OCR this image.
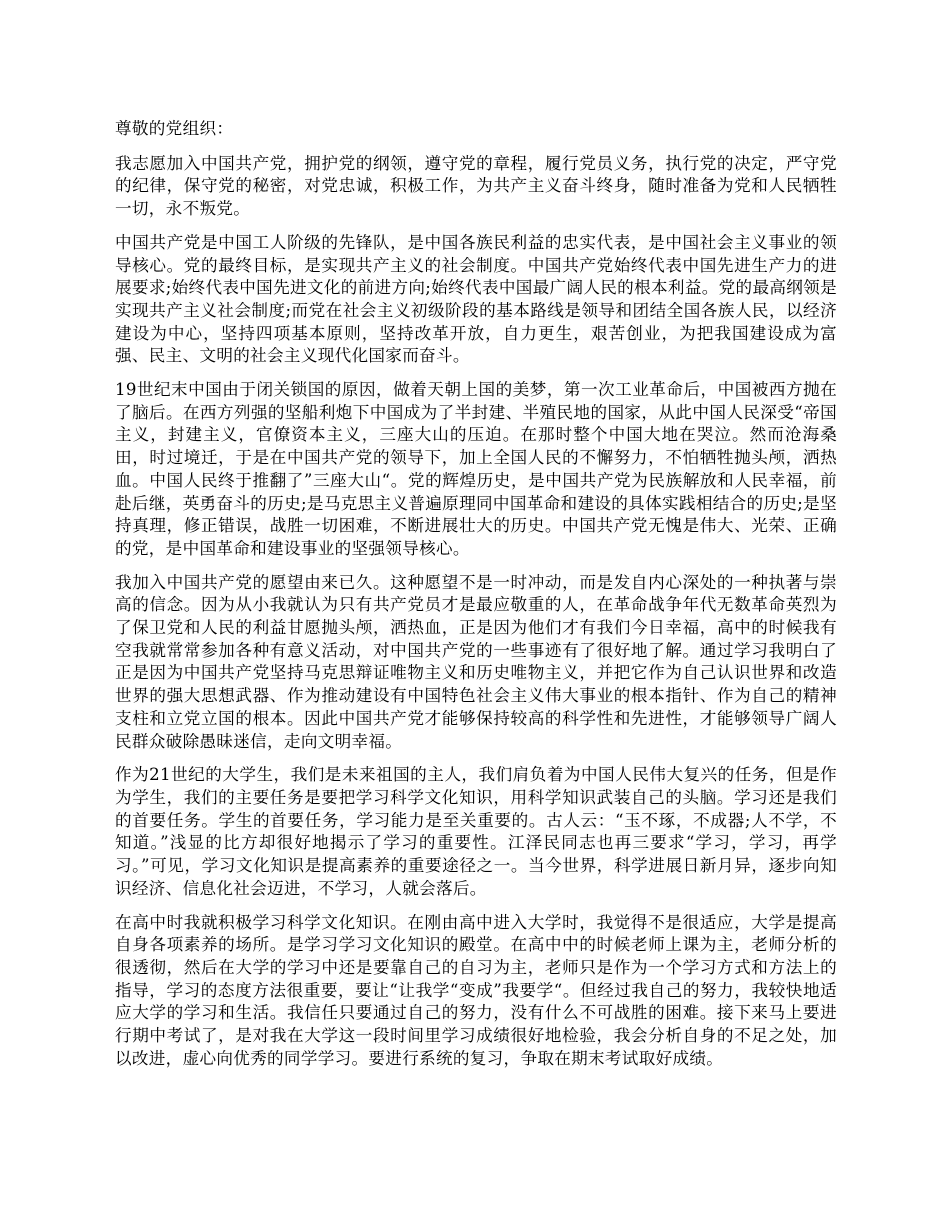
尊敬的党组织：

我志愿加入中国共产党，拥护党的纲领，遵守党的章程，履行党员义务，执行党的决定，严守党的纪律，保守党的秘密，对党忠诚，积极工作，为共产主义奋斗终身，随时准备为党和人民牺牲一切，永不叛党。

中国共产党是中国工人阶级的先锋队，是中国各族民利益的忠实代表，是中国社会主义事业的领导核心。党的最终目标，是实现共产主义的社会制度。中国共产党始终代表中国先进生产力的进展要求;始终代表中国先进文化的前进方向;始终代表中国最广阔人民的根本利益。党的最高纲领是实现共产主义社会制度;而党在社会主义初级阶段的基本路线是领导和团结全国各族人民，以经济建设为中心，坚持四项基本原则，坚持改革开放，自力更生，艰苦创业，为把我国建设成为富强、民主、文明的社会主义现代化国家而奋斗。

19世纪末中国由于闭关锁国的原因，做着天朝上国的美梦，第一次工业革命后，中国被西方抛在了脑后。在西方列强的坚船利炮下中国成为了半封建、半殖民地的国家，从此中国人民深受“帝国主义，封建主义，官僚资本主义，三座大山的压迫。在那时整个中国大地在哭泣。然而沧海桑田，时过境迁，于是在中国共产党的领导下，加上全国人民的不懈努力，不怕牺牲抛头颅，洒热血。中国人民终于推翻了”三座大山“。党的辉煌历史，是中国共产党为民族解放和人民幸福，前赴后继，英勇奋斗的历史;是马克思主义普遍原理同中国革命和建设的具体实践相结合的历史;是坚持真理，修正错误，战胜一切困难，不断进展壮大的历史。中国共产党无愧是伟大、光荣、正确的党，是中国革命和建设事业的坚强领导核心。

我加入中国共产党的愿望由来已久。这种愿望不是一时冲动，而是发自内心深处的一种执著与崇高的信念。因为从小我就认为只有共产党员才是最应敬重的人，在革命战争年代无数革命英烈为了保卫党和人民的利益甘愿抛头颅，洒热血，正是因为他们才有我们今日幸福，高中的时候我有空我就常常参加各种有意义活动，对中国共产党的一些事迹有了很好地了解。通过学习我明白了正是因为中国共产党坚持马克思辩证唯物主义和历史唯物主义，并把它作为自己认识世界和改造世界的强大思想武器、作为推动建设有中国特色社会主义伟大事业的根本指针、作为自己的精神支柱和立党立国的根本。因此中国共产党才能够保持较高的科学性和先进性，才能够领导广阔人民群众破除愚昧迷信，走向文明幸福。

作为21世纪的大学生，我们是未来祖国的主人，我们肩负着为中国人民伟大复兴的任务，但是作为学生，我们的主要任务是要把学习科学文化知识，用科学知识武装自己的头脑。学习还是我们的首要任务。学生的首要任务，学习能力是至关重要的。古人云：“玉不琢，不成器;人不学，不知道。”浅显的比方却很好地揭示了学习的重要性。江泽民同志也再三要求“学习，学习，再学习。”可见，学习文化知识是提高素养的重要途径之一。当今世界，科学进展日新月异，逐步向知识经济、信息化社会迈进，不学习，人就会落后。

在高中时我就积极学习科学文化知识。在刚由高中进入大学时，我觉得不是很适应，大学是提高自身各项素养的场所。是学习学习文化知识的殿堂。在高中中的时候老师上课为主，老师分析的很透彻，然后在大学的学习中还是要靠自己的自习为主，老师只是作为一个学习方式和方法上的指导，学习的态度方法很重要，要让“让我学“变成”我要学“。但经过我自己的努力，我较快地适应大学的学习和生活。我信任只要通过自己的努力，没有什么不可战胜的困难。接下来马上要进行期中考试了，是对我在大学这一段时间里学习成绩很好地检验，我会分析自身的不足之处，加以改进，虚心向优秀的同学学习。要进行系统的复习，争取在期末考试取好成绩。
